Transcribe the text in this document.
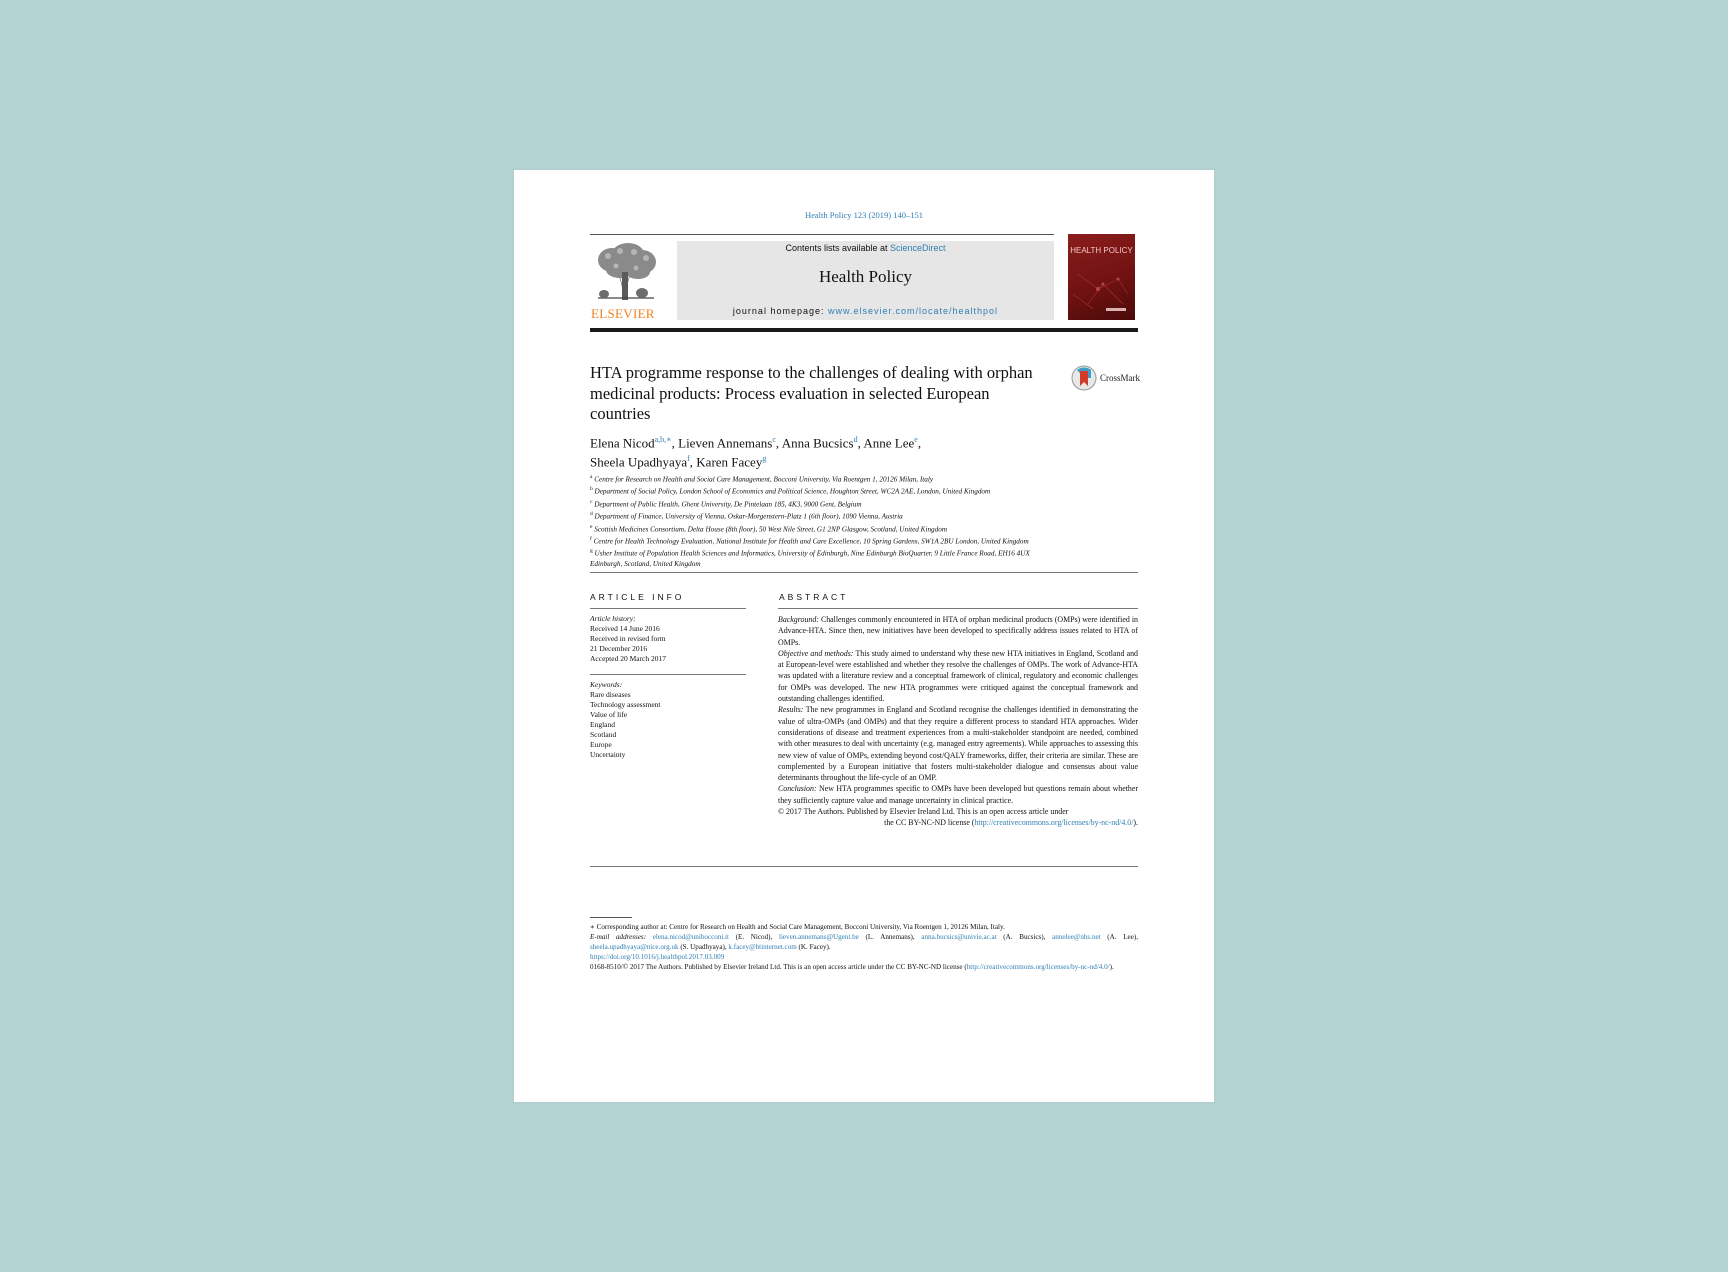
Health Policy 123 (2019) 140–151
ELSEVIER
Contents lists available at ScienceDirect
Health Policy
journal homepage: www.elsevier.com/locate/healthpol
HEALTH POLICY
HTA programme response to the challenges of dealing with orphan medicinal products: Process evaluation in selected European countries
CrossMark
Elena Nicod$^{a,b,∗}$, Lieven Annemans$^c$, Anna Bucsics$^d$, Anne Lee$^e$,
Sheela Upadhyaya$^f$, Karen Facey$^g$
$^a$ Centre for Research on Health and Social Care Management, Bocconi University, Via Roentgen 1, 20126 Milan, Italy
$^b$ Department of Social Policy, London School of Economics and Political Science, Houghton Street, WC2A 2AE, London, United Kingdom
$^c$ Department of Public Health, Ghent University, De Pintelaan 185, 4K3, 9000 Gent, Belgium
$^d$ Department of Finance, University of Vienna, Oskar-Morgenstern-Platz 1 (6th floor), 1090 Vienna, Austria
$^e$ Scottish Medicines Consortium, Delta House (8th floor), 50 West Nile Street, G1 2NP Glasgow, Scotland, United Kingdom
$^f$ Centre for Health Technology Evaluation, National Institute for Health and Care Excellence, 10 Spring Gardens, SW1A 2BU London, United Kingdom
$^g$ Usher Institute of Population Health Sciences and Informatics, University of Edinburgh, Nine Edinburgh BioQuarter, 9 Little France Road, EH16 4UX Edinburgh, Scotland, United Kingdom
ARTICLE INFO
Article history:
Received 14 June 2016
Received in revised form
21 December 2016
Accepted 20 March 2017
Keywords:
Rare diseases
Technology assessment
Value of life
England
Scotland
Europe
Uncertainty
ABSTRACT

Background: Challenges commonly encountered in HTA of orphan medicinal products (OMPs) were identified in Advance-HTA. Since then, new initiatives have been developed to specifically address issues related to HTA of OMPs.

Objective and methods: This study aimed to understand why these new HTA initiatives in England, Scotland and at European-level were established and whether they resolve the challenges of OMPs. The work of Advance-HTA was updated with a literature review and a conceptual framework of clinical, regulatory and economic challenges for OMPs was developed. The new HTA programmes were critiqued against the conceptual framework and outstanding challenges identified.

Results: The new programmes in England and Scotland recognise the challenges identified in demonstrating the value of ultra-OMPs (and OMPs) and that they require a different process to standard HTA approaches. Wider considerations of disease and treatment experiences from a multi-stakeholder standpoint are needed, combined with other measures to deal with uncertainty (e.g. managed entry agreements). While approaches to assessing this new view of value of OMPs, extending beyond cost/QALY frameworks, differ, their criteria are similar. These are complemented by a European initiative that fosters multi-stakeholder dialogue and consensus about value determinants throughout the life-cycle of an OMP.

Conclusion: New HTA programmes specific to OMPs have been developed but questions remain about whether they sufficiently capture value and manage uncertainty in clinical practice.

© 2017 The Authors. Published by Elsevier Ireland Ltd. This is an open access article under

the CC BY-NC-ND license (http://creativecommons.org/licenses/by-nc-nd/4.0/).

∗ Corresponding author at: Centre for Research on Health and Social Care Management, Bocconi University, Via Roentgen 1, 20126 Milan, Italy.

E-mail addresses: elena.nicod@unibocconi.it (E. Nicod), lieven.annemans@Ugent.be (L. Annemans), anna.bucsics@univie.ac.at (A. Bucsics), annelee@nhs.net (A. Lee), sheela.upadhyaya@nice.org.uk (S. Upadhyaya), k.facey@btinternet.com (K. Facey).

https://doi.org/10.1016/j.healthpol.2017.03.009

0168-8510/© 2017 The Authors. Published by Elsevier Ireland Ltd. This is an open access article under the CC BY-NC-ND license (http://creativecommons.org/licenses/by-nc-nd/4.0/).
